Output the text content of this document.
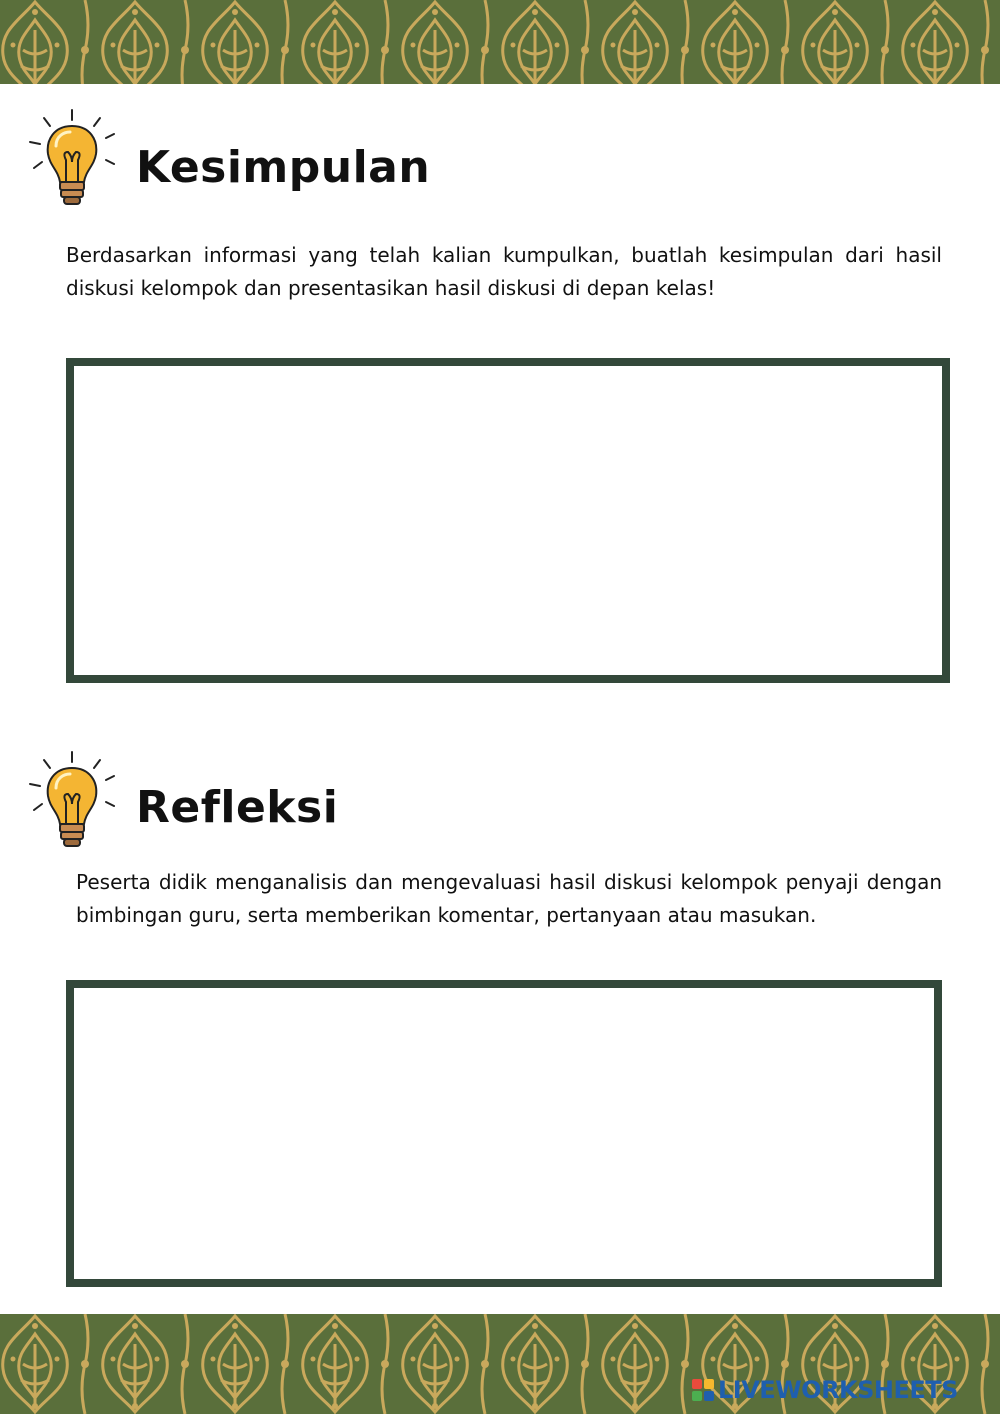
Kesimpulan

Berdasarkan informasi yang telah kalian kumpulkan, buatlah kesimpulan dari hasil diskusi kelompok dan presentasikan hasil diskusi di depan kelas!

Refleksi

Peserta didik menganalisis dan mengevaluasi hasil diskusi kelompok penyaji dengan bimbingan guru, serta memberikan komentar, pertanyaan atau masukan.

LIVEWORKSHEETS
